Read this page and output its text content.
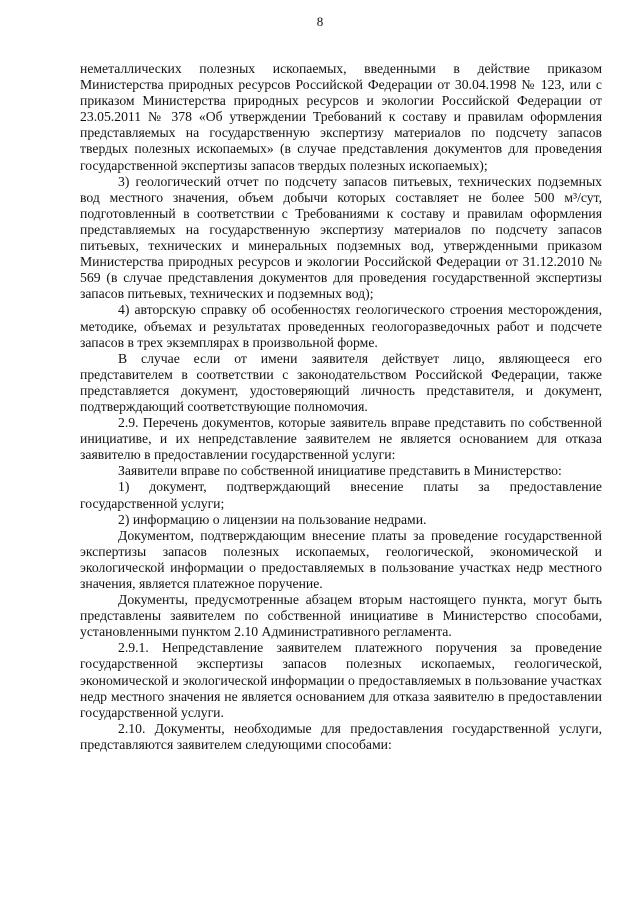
8

неметаллических полезных ископаемых, введенными в действие приказом Министерства природных ресурсов Российской Федерации от 30.04.1998 № 123, или с приказом Министерства природных ресурсов и экологии Российской Федерации от 23.05.2011 № 378 «Об утверждении Требований к составу и правилам оформления представляемых на государственную экспертизу материалов по подсчету запасов твердых полезных ископаемых» (в случае представления документов для проведения государственной экспертизы запасов твердых полезных ископаемых);

3) геологический отчет по подсчету запасов питьевых, технических подземных вод местного значения, объем добычи которых составляет не более 500 м³/сут, подготовленный в соответствии с Требованиями к составу и правилам оформления представляемых на государственную экспертизу материалов по подсчету запасов питьевых, технических и минеральных подземных вод, утвержденными приказом Министерства природных ресурсов и экологии Российской Федерации от 31.12.2010 № 569 (в случае представления документов для проведения государственной экспертизы запасов питьевых, технических и подземных вод);

4) авторскую справку об особенностях геологического строения месторождения, методике, объемах и результатах проведенных геологоразведочных работ и подсчете запасов в трех экземплярах в произвольной форме.

В случае если от имени заявителя действует лицо, являющееся его представителем в соответствии с законодательством Российской Федерации, также представляется документ, удостоверяющий личность представителя, и документ, подтверждающий соответствующие полномочия.

2.9. Перечень документов, которые заявитель вправе представить по собственной инициативе, и их непредставление заявителем не является основанием для отказа заявителю в предоставлении государственной услуги:

Заявители вправе по собственной инициативе представить в Министерство:

1) документ, подтверждающий внесение платы за предоставление государственной услуги;

2) информацию о лицензии на пользование недрами.

Документом, подтверждающим внесение платы за проведение государственной экспертизы запасов полезных ископаемых, геологической, экономической и экологической информации о предоставляемых в пользование участках недр местного значения, является платежное поручение.

Документы, предусмотренные абзацем вторым настоящего пункта, могут быть представлены заявителем по собственной инициативе в Министерство способами, установленными пунктом 2.10 Административного регламента.

2.9.1. Непредставление заявителем платежного поручения за проведение государственной экспертизы запасов полезных ископаемых, геологической, экономической и экологической информации о предоставляемых в пользование участках недр местного значения не является основанием для отказа заявителю в предоставлении государственной услуги.

2.10. Документы, необходимые для предоставления государственной услуги, представляются заявителем следующими способами:
